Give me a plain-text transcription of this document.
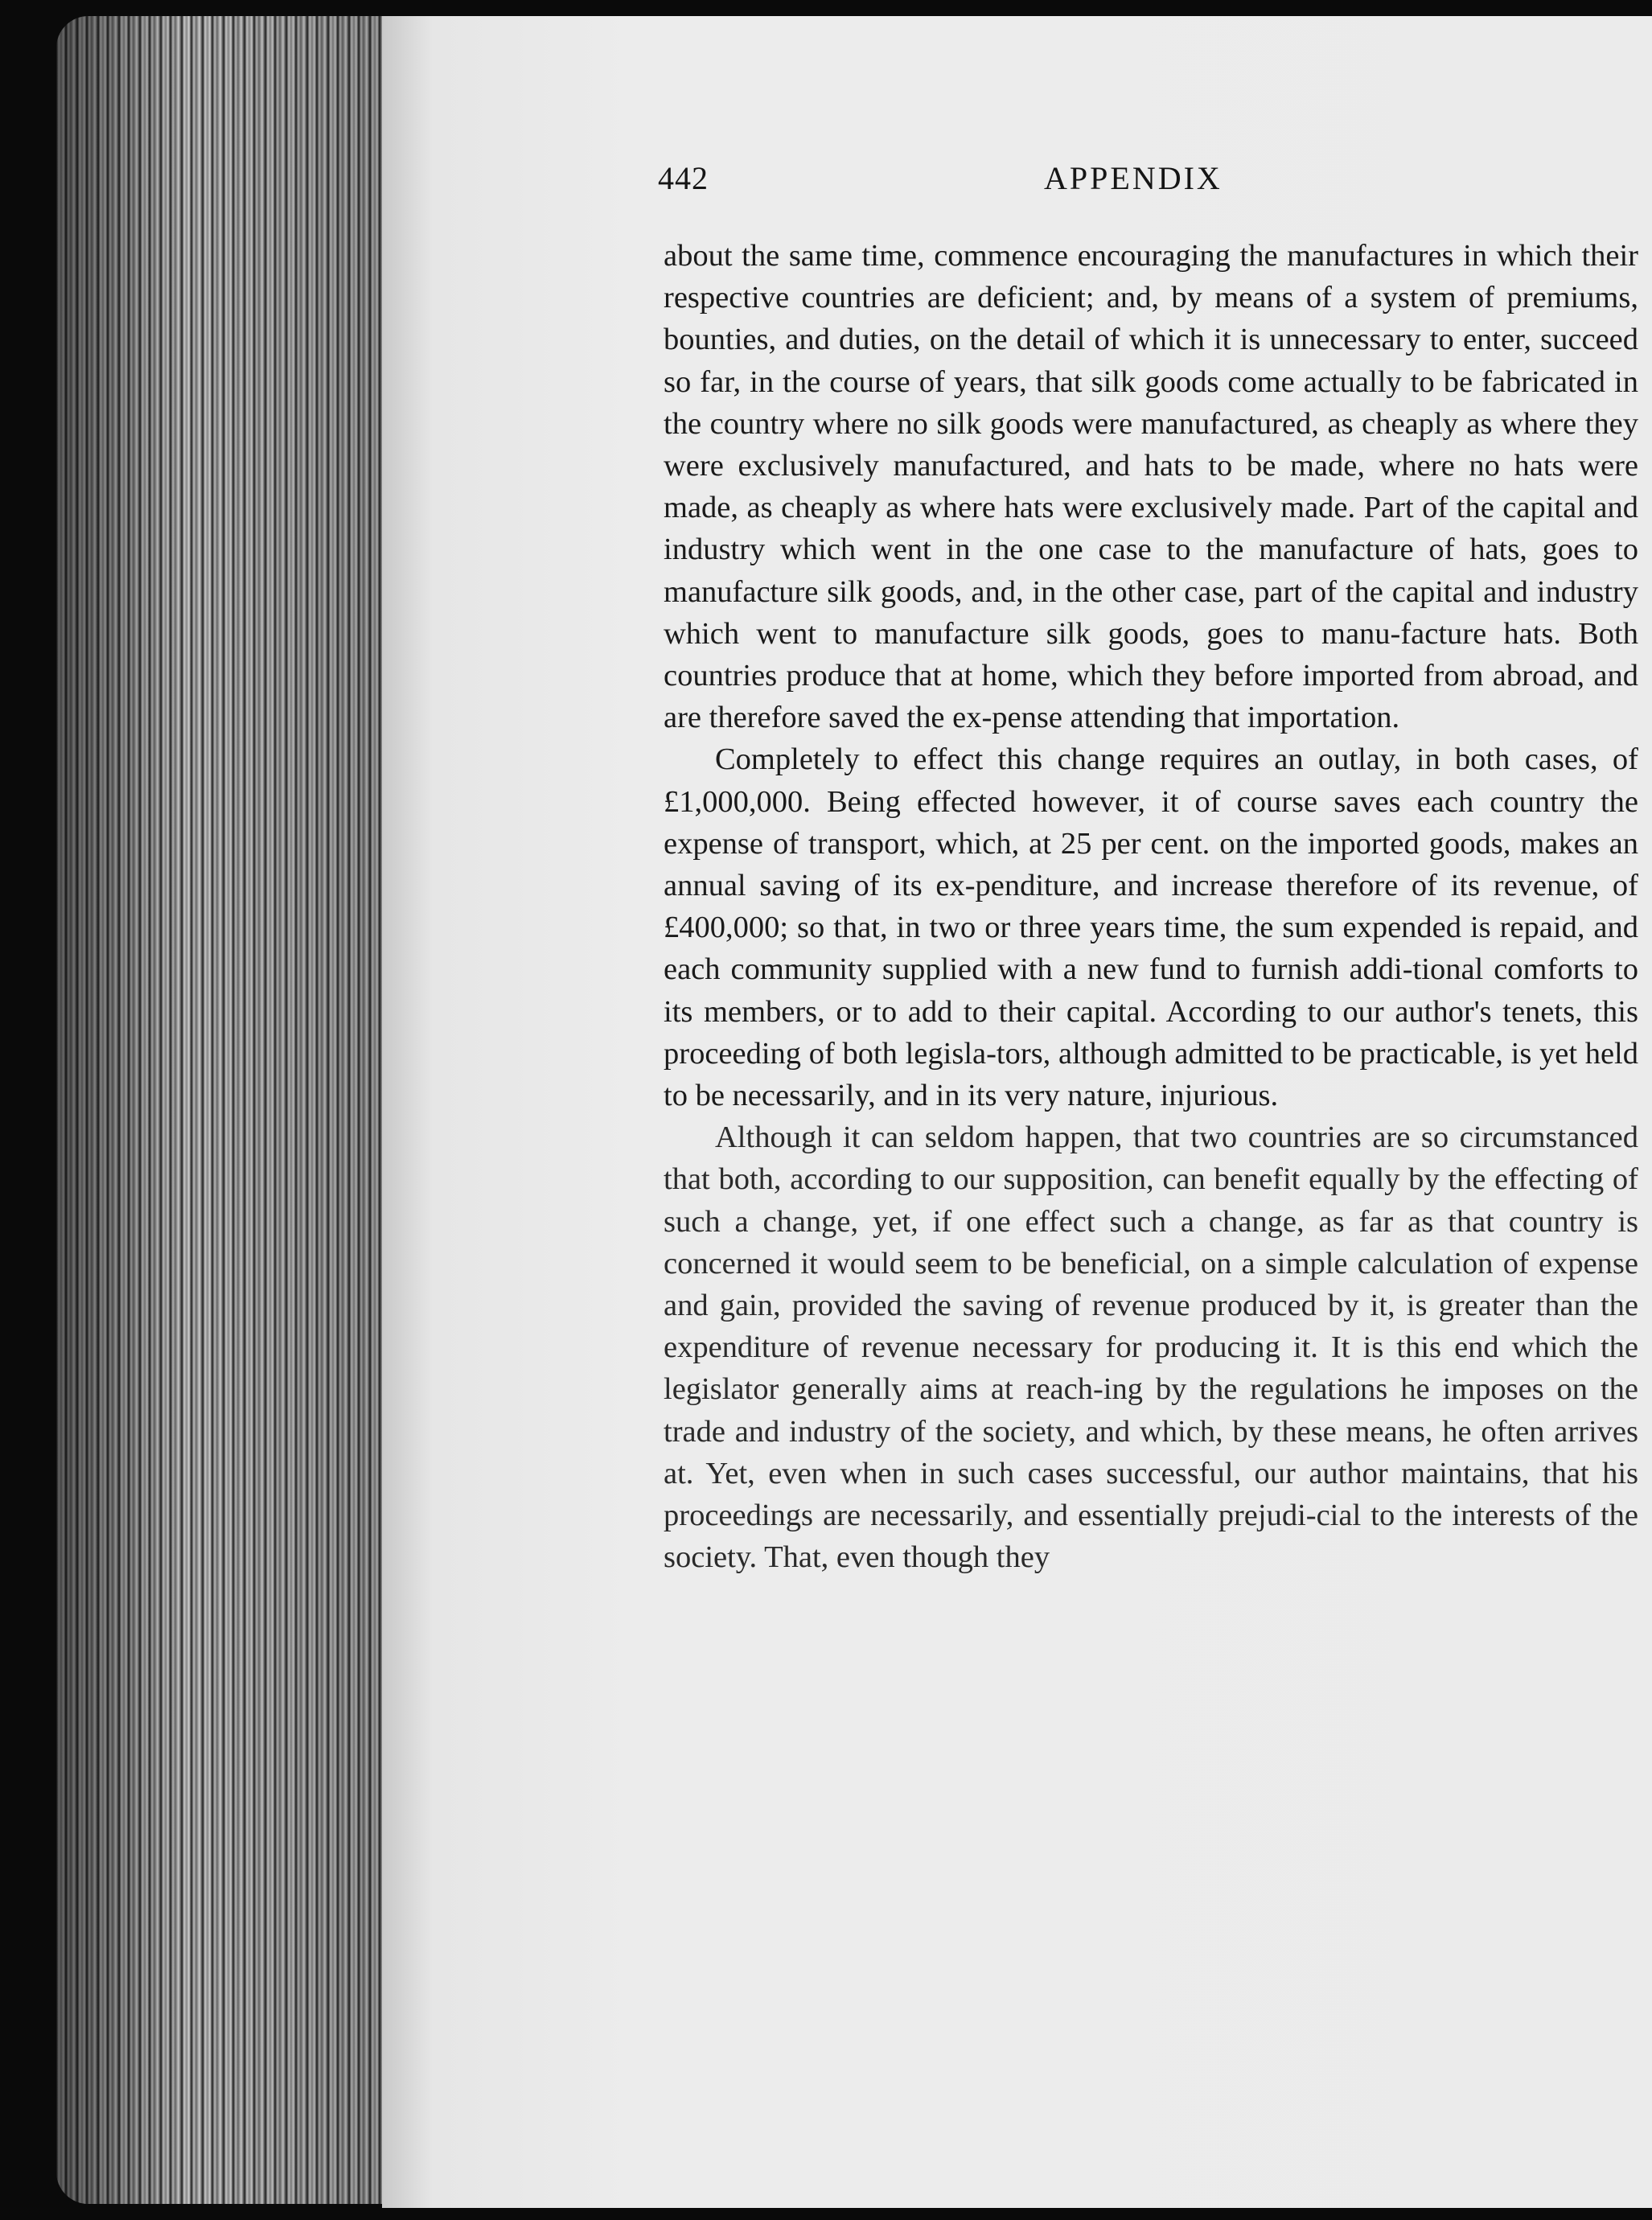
442	APPENDIX

about the same time, commence encouraging the manufactures in which their respective countries are deficient; and, by means of a system of premiums, bounties, and duties, on the detail of which it is unnecessary to enter, succeed so far, in the course of years, that silk goods come actually to be fabricated in the country where no silk goods were manufactured, as cheaply as where they were exclusively manufactured, and hats to be made, where no hats were made, as cheaply as where hats were exclusively made. Part of the capital and industry which went in the one case to the manufacture of hats, goes to manufacture silk goods, and, in the other case, part of the capital and industry which went to manufacture silk goods, goes to manu-facture hats. Both countries produce that at home, which they before imported from abroad, and are therefore saved the ex-pense attending that importation.

Completely to effect this change requires an outlay, in both cases, of £1,000,000. Being effected however, it of course saves each country the expense of transport, which, at 25 per cent. on the imported goods, makes an annual saving of its ex-penditure, and increase therefore of its revenue, of £400,000; so that, in two or three years time, the sum expended is repaid, and each community supplied with a new fund to furnish addi-tional comforts to its members, or to add to their capital. According to our author's tenets, this proceeding of both legisla-tors, although admitted to be practicable, is yet held to be necessarily, and in its very nature, injurious.

Although it can seldom happen, that two countries are so circumstanced that both, according to our supposition, can benefit equally by the effecting of such a change, yet, if one effect such a change, as far as that country is concerned it would seem to be beneficial, on a simple calculation of expense and gain, provided the saving of revenue produced by it, is greater than the expenditure of revenue necessary for producing it. It is this end which the legislator generally aims at reach-ing by the regulations he imposes on the trade and industry of the society, and which, by these means, he often arrives at. Yet, even when in such cases successful, our author maintains, that his proceedings are necessarily, and essentially prejudi-cial to the interests of the society. That, even though they
